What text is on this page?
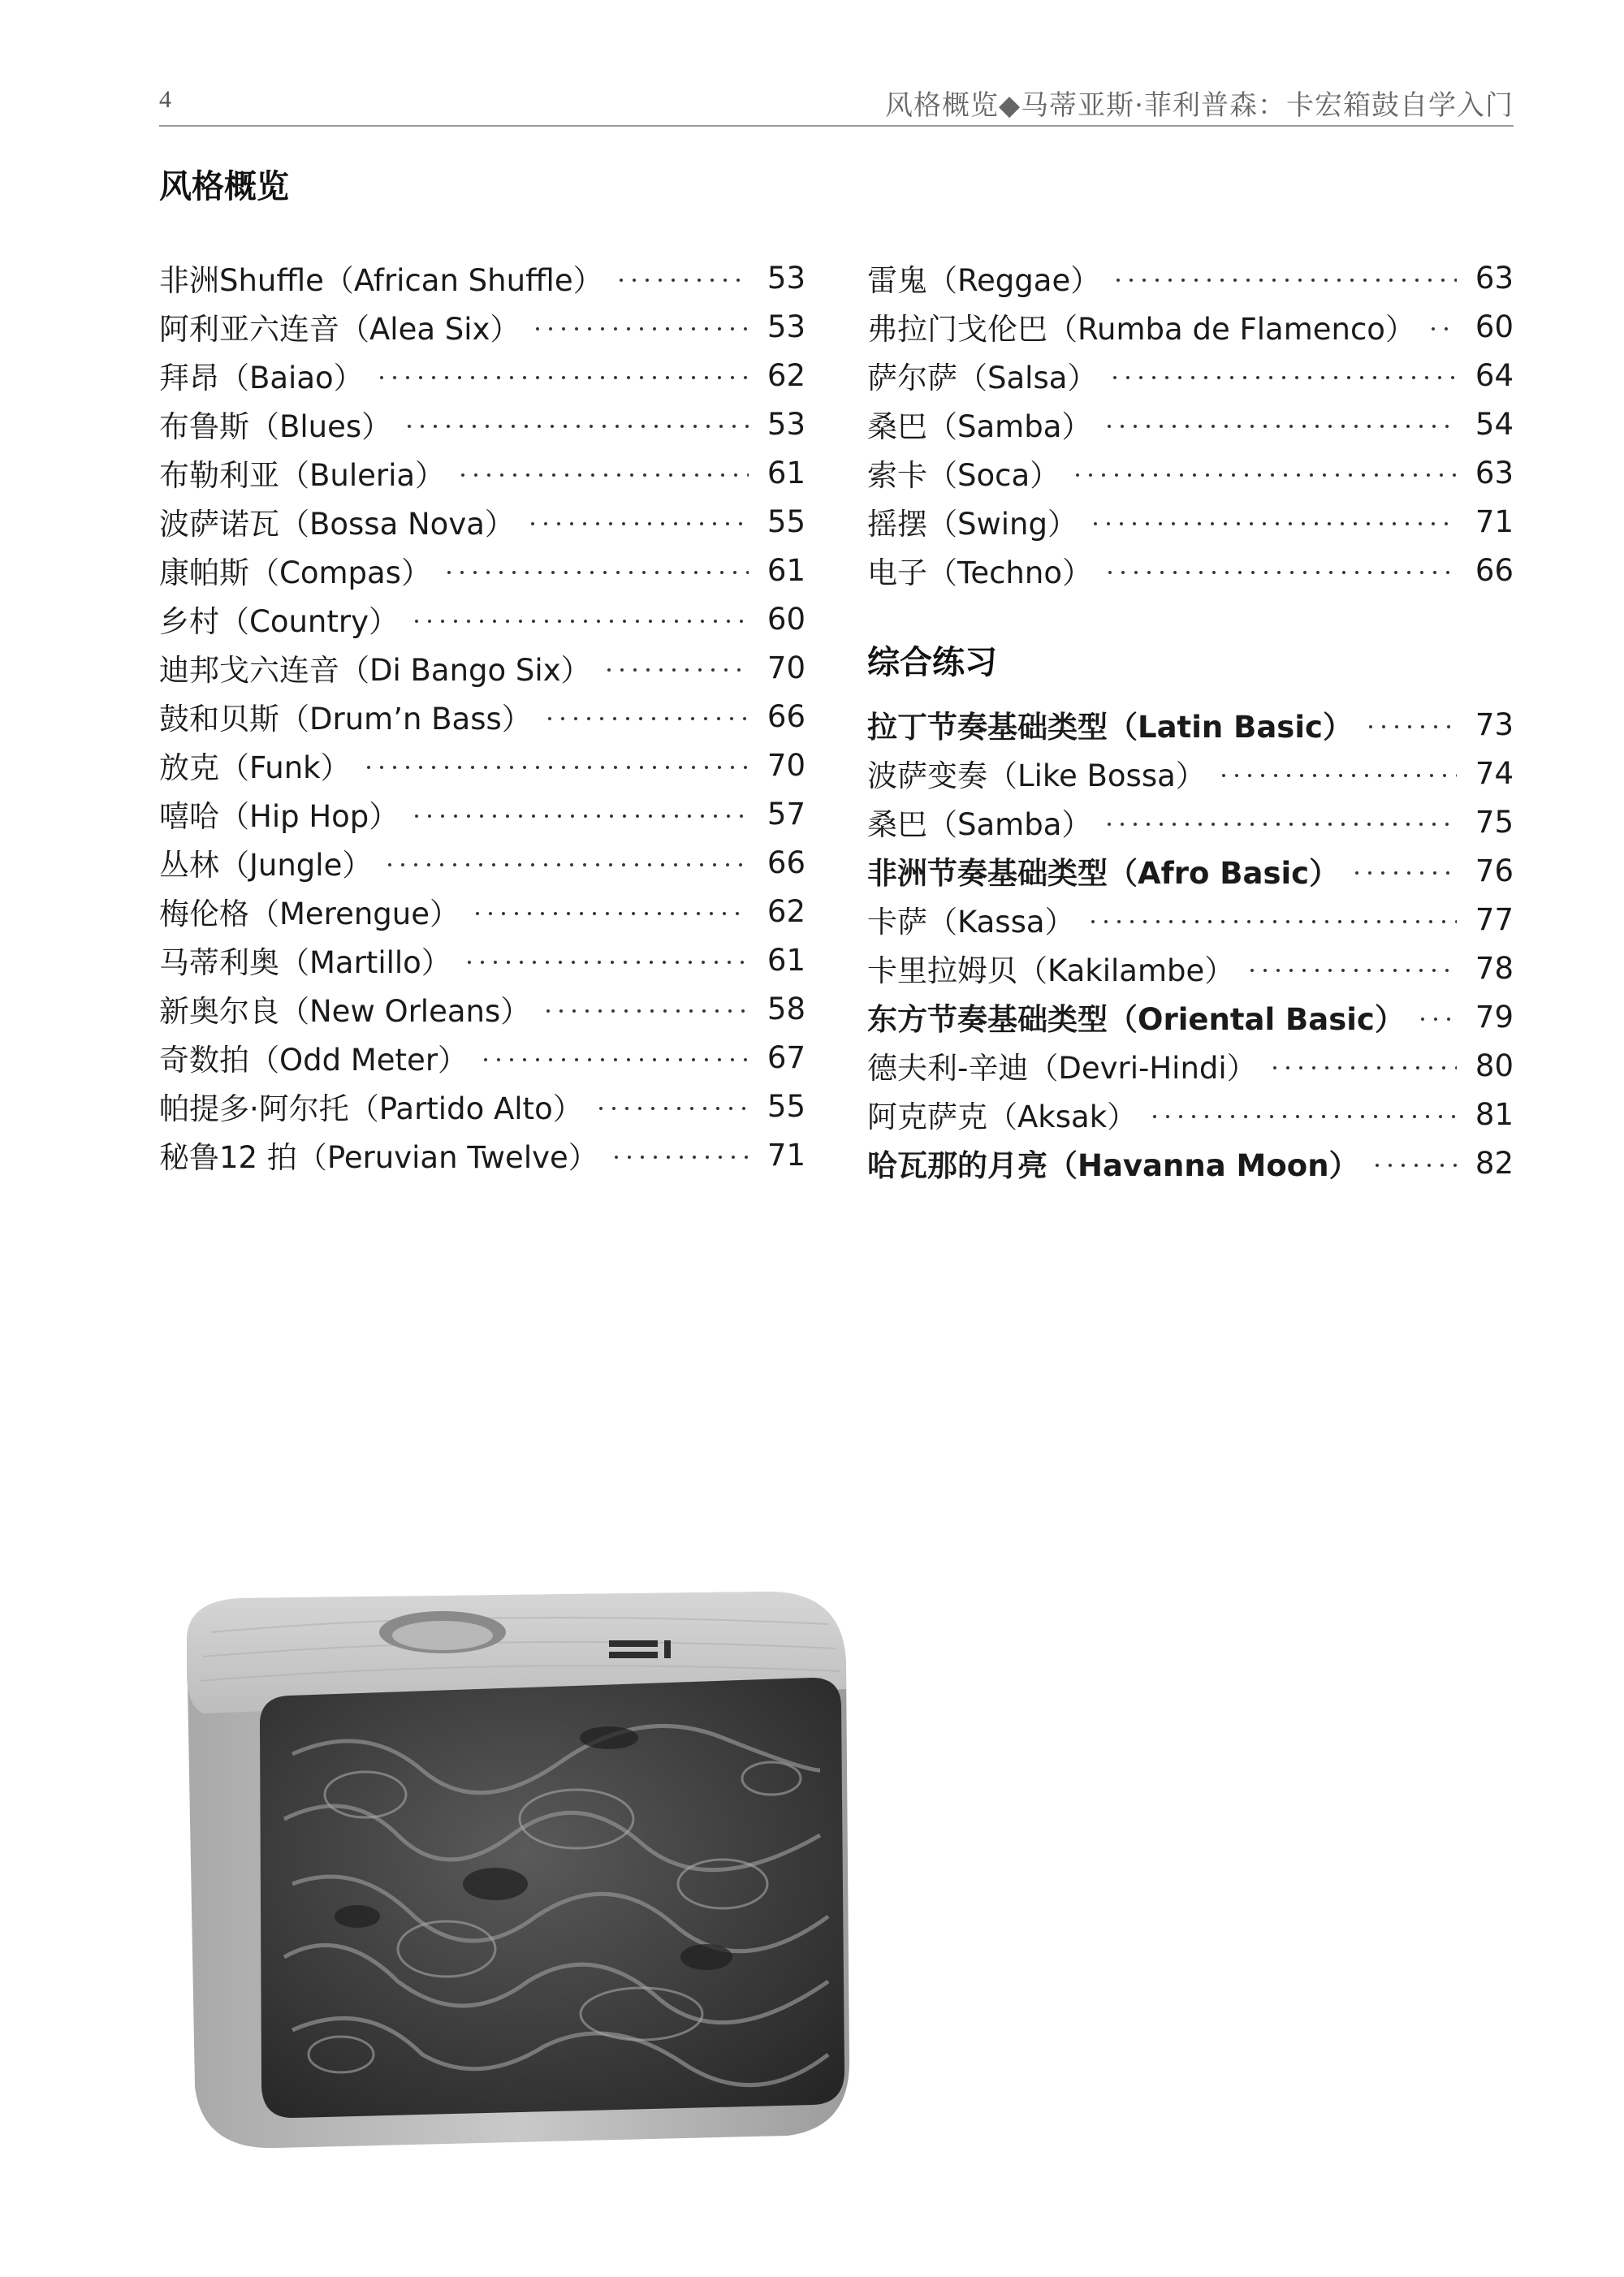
4	风格概览◆马蒂亚斯·菲利普森：卡宏箱鼓自学入门
风格概览
非洲Shuffle（African Shuffle）	53
阿利亚六连音（Alea Six）	53
拜昂（Baiao）	62
布鲁斯（Blues）	53
布勒利亚（Buleria）	61
波萨诺瓦（Bossa Nova）	55
康帕斯（Compas）	61
乡村（Country）	60
迪邦戈六连音（Di Bango Six）	70
鼓和贝斯（Drum’n Bass）	66
放克（Funk）	70
嘻哈（Hip Hop）	57
丛林（Jungle）	66
梅伦格（Merengue）	62
马蒂利奥（Martillo）	61
新奥尔良（New Orleans）	58
奇数拍（Odd Meter）	67
帕提多·阿尔托（Partido Alto）	55
秘鲁12 拍（Peruvian Twelve）	71
雷鬼（Reggae）	63
弗拉门戈伦巴（Rumba de Flamenco） 60
萨尔萨（Salsa）	64
桑巴（Samba）	54
索卡（Soca）	63
摇摆（Swing）	71
电子（Techno）	66
综合练习
拉丁节奏基础类型（Latin Basic）	73
波萨变奏（Like Bossa）	74
桑巴（Samba）	75
非洲节奏基础类型（Afro Basic）	76
卡萨（Kassa）	77
卡里拉姆贝（Kakilambe）	78
东方节奏基础类型（Oriental Basic） 79
德夫利-辛迪（Devri-Hindi）	80
阿克萨克（Aksak）	81
哈瓦那的月亮（Havanna Moon）	82
